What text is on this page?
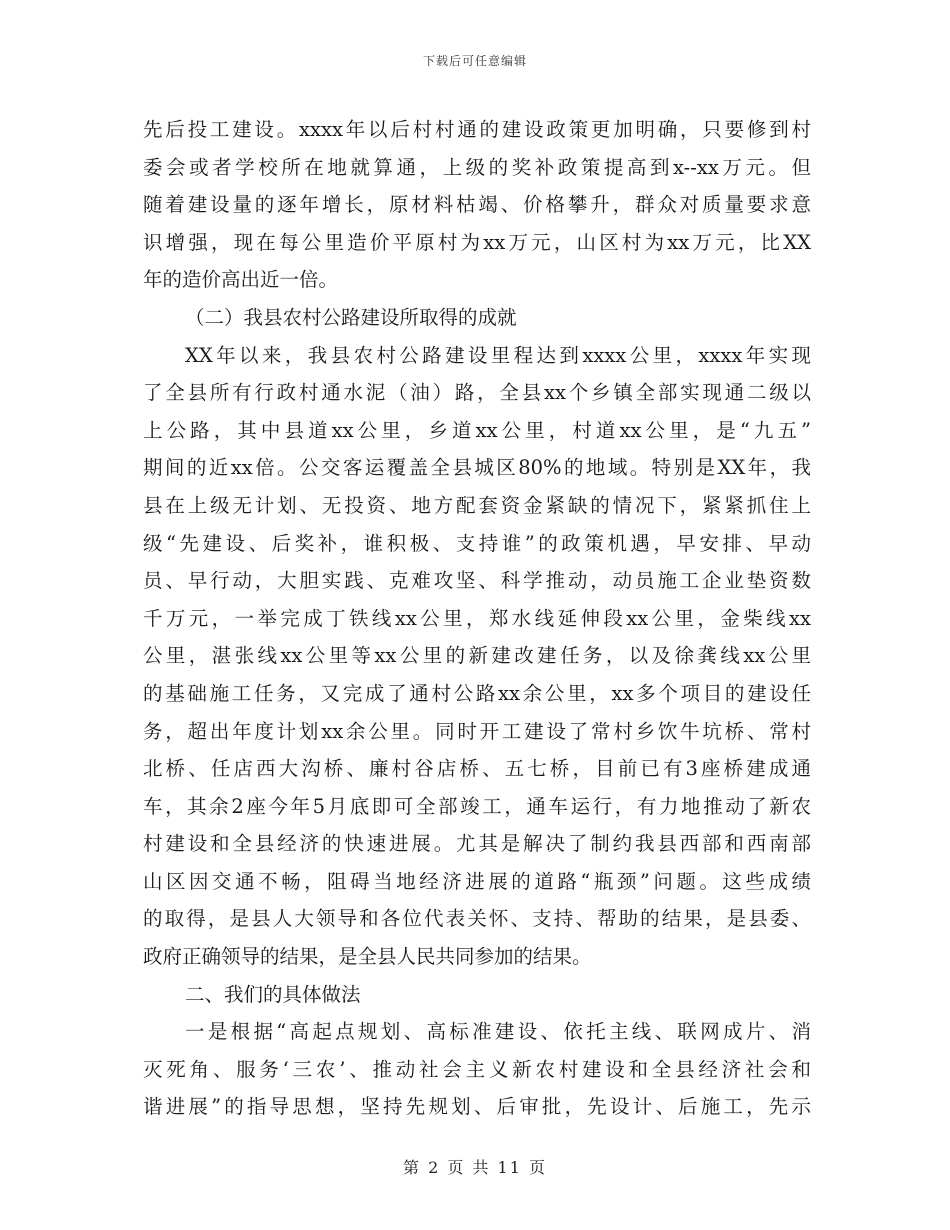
下载后可任意编辑
先后投工建设。xxxx年以后村村通的建设政策更加明确，只要修到村
委会或者学校所在地就算通，上级的奖补政策提高到x--xx万元。但
随着建设量的逐年增长，原材料枯竭、价格攀升，群众对质量要求意
识增强，现在每公里造价平原村为xx万元，山区村为xx万元，比XX
年的造价高出近一倍。
（二）我县农村公路建设所取得的成就
XX年以来，我县农村公路建设里程达到xxxx公里，xxxx年实现
了全县所有行政村通水泥（油）路，全县xx个乡镇全部实现通二级以
上公路，其中县道xx公里，乡道xx公里，村道xx公里，是“九五”
期间的近xx倍。公交客运覆盖全县城区80%的地域。特别是XX年，我
县在上级无计划、无投资、地方配套资金紧缺的情况下，紧紧抓住上
级“先建设、后奖补，谁积极、支持谁”的政策机遇，早安排、早动
员、早行动，大胆实践、克难攻坚、科学推动，动员施工企业垫资数
千万元，一举完成丁铁线xx公里，郑水线延伸段xx公里，金柴线xx
公里，湛张线xx公里等xx公里的新建改建任务，以及徐龚线xx公里
的基础施工任务，又完成了通村公路xx余公里，xx多个项目的建设任
务，超出年度计划xx余公里。同时开工建设了常村乡饮牛坑桥、常村
北桥、任店西大沟桥、廉村谷店桥、五七桥，目前已有3座桥建成通
车，其余2座今年5月底即可全部竣工，通车运行，有力地推动了新农
村建设和全县经济的快速进展。尤其是解决了制约我县西部和西南部
山区因交通不畅，阻碍当地经济进展的道路“瓶颈”问题。这些成绩
的取得，是县人大领导和各位代表关怀、支持、帮助的结果，是县委、
政府正确领导的结果，是全县人民共同参加的结果。
二、我们的具体做法
一是根据“高起点规划、高标准建设、依托主线、联网成片、消
灭死角、服务‘三农’、推动社会主义新农村建设和全县经济社会和
谐进展”的指导思想，坚持先规划、后审批，先设计、后施工，先示
第 2 页 共 11 页
